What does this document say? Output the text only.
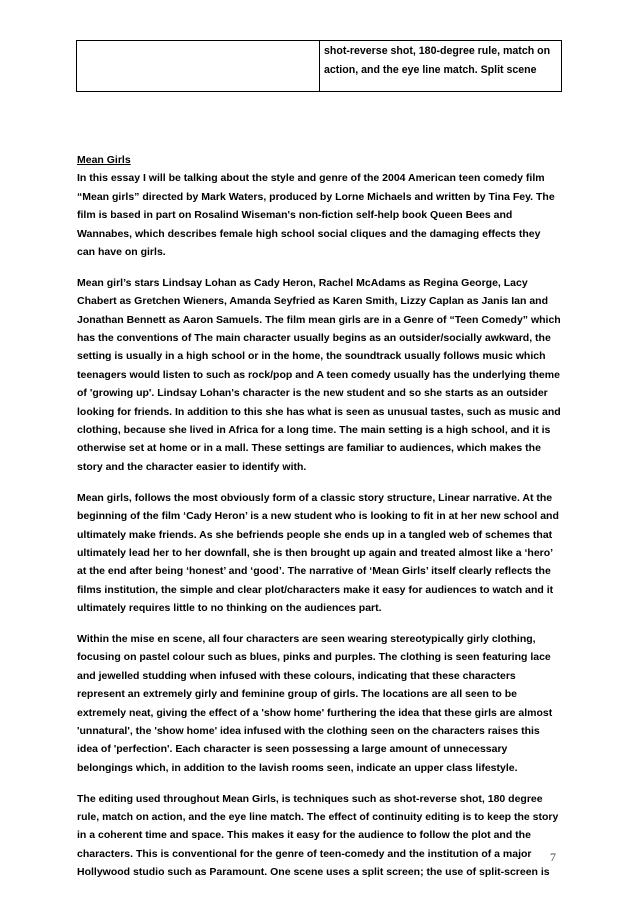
	shot-reverse shot, 180-degree rule, match on action, and the eye line match. Split scene

Mean Girls
In this essay I will be talking about the style and genre of the 2004 American teen comedy film “Mean girls” directed by Mark Waters, produced by Lorne Michaels and written by Tina Fey. The film is based in part on Rosalind Wiseman's non-fiction self-help book Queen Bees and Wannabes, which describes female high school social cliques and the damaging effects they can have on girls.

Mean girl’s stars Lindsay Lohan as Cady Heron, Rachel McAdams as Regina George, Lacy Chabert as Gretchen Wieners, Amanda Seyfried as Karen Smith, Lizzy Caplan as Janis Ian and Jonathan Bennett as Aaron Samuels. The film mean girls are in a Genre of “Teen Comedy” which has the conventions of The main character usually begins as an outsider/socially awkward, the setting is usually in a high school or in the home, the soundtrack usually follows music which teenagers would listen to such as rock/pop and A teen comedy usually has the underlying theme of 'growing up'. Lindsay Lohan's character is the new student and so she starts as an outsider looking for friends. In addition to this she has what is seen as unusual tastes, such as music and clothing, because she lived in Africa for a long time. The main setting is a high school, and it is otherwise set at home or in a mall. These settings are familiar to audiences, which makes the story and the character easier to identify with.

Mean girls, follows the most obviously form of a classic story structure, Linear narrative. At the beginning of the film ‘Cady Heron’ is a new student who is looking to fit in at her new school and ultimately make friends. As she befriends people she ends up in a tangled web of schemes that ultimately lead her to her downfall, she is then brought up again and treated almost like a ‘hero’ at the end after being ‘honest’ and ‘good’. The narrative of ‘Mean Girls’ itself clearly reflects the films institution, the simple and clear plot/characters make it easy for audiences to watch and it ultimately requires little to no thinking on the audiences part.

Within the mise en scene, all four characters are seen wearing stereotypically girly clothing, focusing on pastel colour such as blues, pinks and purples. The clothing is seen featuring lace and jewelled studding when infused with these colours, indicating that these characters represent an extremely girly and feminine group of girls. The locations are all seen to be extremely neat, giving the effect of a 'show home' furthering the idea that these girls are almost 'unnatural', the 'show home' idea infused with the clothing seen on the characters raises this idea of 'perfection'. Each character is seen possessing a large amount of unnecessary belongings which, in addition to the lavish rooms seen, indicate an upper class lifestyle.

The editing used throughout Mean Girls, is techniques such as shot-reverse shot, 180 degree rule, match on action, and the eye line match. The effect of continuity editing is to keep the story in a coherent time and space. This makes it easy for the audience to follow the plot and the characters. This is conventional for the genre of teen-comedy and the institution of a major Hollywood studio such as Paramount. One scene uses a split screen; the use of split-screen is

7
